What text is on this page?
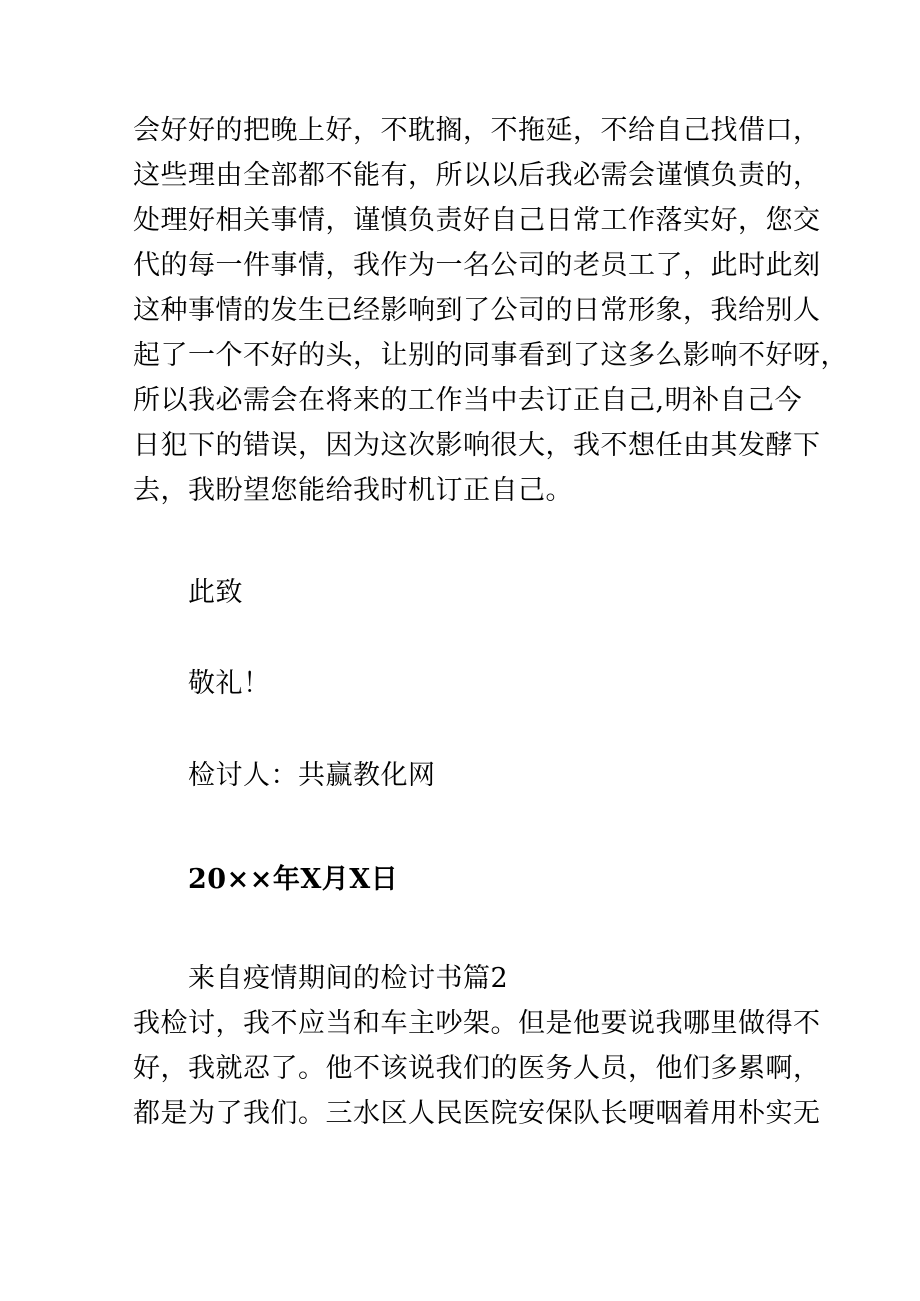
会好好的把晚上好，不耽搁，不拖延，不给自己找借口，
这些理由全部都不能有，所以以后我必需会谨慎负责的，
处理好相关事情，谨慎负责好自己日常工作落实好，您交
代的每一件事情，我作为一名公司的老员工了，此时此刻
这种事情的发生已经影响到了公司的日常形象，我给别人
起了一个不好的头，让别的同事看到了这多么影响不好呀，
所以我必需会在将来的工作当中去订正自己,明补自己今
日犯下的错误，因为这次影响很大，我不想任由其发酵下
去，我盼望您能给我时机订正自己。
此致
敬礼！
检讨人：共赢教化网
20××年X月X日
来自疫情期间的检讨书篇2
我检讨，我不应当和车主吵架。但是他要说我哪里做得不
好，我就忍了。他不该说我们的医务人员，他们多累啊，
都是为了我们。三水区人民医院安保队长哽咽着用朴实无
